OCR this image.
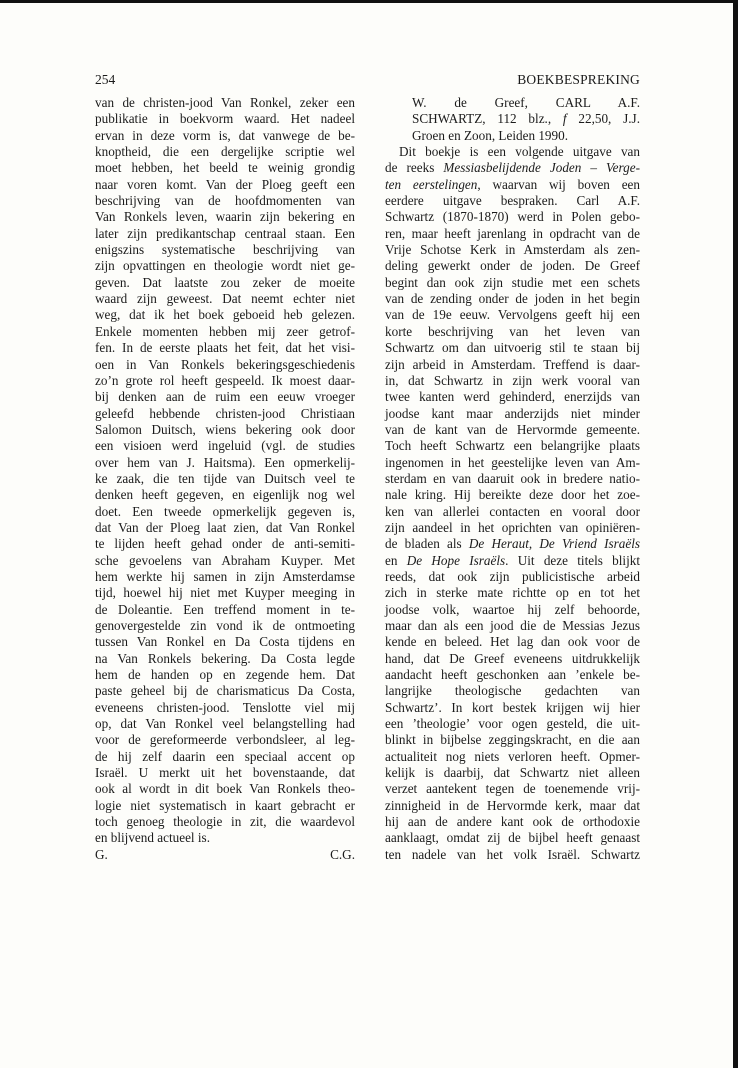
254	BOEKBESPREKING
van de christen-jood Van Ronkel, zeker een
publikatie in boekvorm waard. Het nadeel
ervan in deze vorm is, dat vanwege de be-
knoptheid, die een dergelijke scriptie wel
moet hebben, het beeld te weinig grondig
naar voren komt. Van der Ploeg geeft een
beschrijving van de hoofdmomenten van
Van Ronkels leven, waarin zijn bekering en
later zijn predikantschap centraal staan. Een
enigszins systematische beschrijving van
zijn opvattingen en theologie wordt niet ge-
geven. Dat laatste zou zeker de moeite
waard zijn geweest. Dat neemt echter niet
weg, dat ik het boek geboeid heb gelezen.
Enkele momenten hebben mij zeer getrof-
fen. In de eerste plaats het feit, dat het visi-
oen in Van Ronkels bekeringsgeschiedenis
zo’n grote rol heeft gespeeld. Ik moest daar-
bij denken aan de ruim een eeuw vroeger
geleefd hebbende christen-jood Christiaan
Salomon Duitsch, wiens bekering ook door
een visioen werd ingeluid (vgl. de studies
over hem van J. Haitsma). Een opmerkelij-
ke zaak, die ten tijde van Duitsch veel te
denken heeft gegeven, en eigenlijk nog wel
doet. Een tweede opmerkelijk gegeven is,
dat Van der Ploeg laat zien, dat Van Ronkel
te lijden heeft gehad onder de anti-semiti-
sche gevoelens van Abraham Kuyper. Met
hem werkte hij samen in zijn Amsterdamse
tijd, hoewel hij niet met Kuyper meeging in
de Doleantie. Een treffend moment in te-
genovergestelde zin vond ik de ontmoeting
tussen Van Ronkel en Da Costa tijdens en
na Van Ronkels bekering. Da Costa legde
hem de handen op en zegende hem. Dat
paste geheel bij de charismaticus Da Costa,
eveneens christen-jood. Tenslotte viel mij
op, dat Van Ronkel veel belangstelling had
voor de gereformeerde verbondsleer, al leg-
de hij zelf daarin een speciaal accent op
Israël. U merkt uit het bovenstaande, dat
ook al wordt in dit boek Van Ronkels theo-
logie niet systematisch in kaart gebracht er
toch genoeg theologie in zit, die waardevol
en blijvend actueel is.
G.	C.G.
W. de Greef, CARL A.F.
SCHWARTZ, 112 blz., f 22,50, J.J.
Groen en Zoon, Leiden 1990.
Dit boekje is een volgende uitgave van
de reeks Messiasbelijdende Joden – Verge-
ten eerstelingen, waarvan wij boven een
eerdere uitgave bespraken. Carl A.F.
Schwartz (1870-1870) werd in Polen gebo-
ren, maar heeft jarenlang in opdracht van de
Vrije Schotse Kerk in Amsterdam als zen-
deling gewerkt onder de joden. De Greef
begint dan ook zijn studie met een schets
van de zending onder de joden in het begin
van de 19e eeuw. Vervolgens geeft hij een
korte beschrijving van het leven van
Schwartz om dan uitvoerig stil te staan bij
zijn arbeid in Amsterdam. Treffend is daar-
in, dat Schwartz in zijn werk vooral van
twee kanten werd gehinderd, enerzijds van
joodse kant maar anderzijds niet minder
van de kant van de Hervormde gemeente.
Toch heeft Schwartz een belangrijke plaats
ingenomen in het geestelijke leven van Am-
sterdam en van daaruit ook in bredere natio-
nale kring. Hij bereikte deze door het zoe-
ken van allerlei contacten en vooral door
zijn aandeel in het oprichten van opiniëren-
de bladen als De Heraut, De Vriend Israëls
en De Hope Israëls. Uit deze titels blijkt
reeds, dat ook zijn publicistische arbeid
zich in sterke mate richtte op en tot het
joodse volk, waartoe hij zelf behoorde,
maar dan als een jood die de Messias Jezus
kende en beleed. Het lag dan ook voor de
hand, dat De Greef eveneens uitdrukkelijk
aandacht heeft geschonken aan ’enkele be-
langrijke theologische gedachten van
Schwartz’. In kort bestek krijgen wij hier
een ’theologie’ voor ogen gesteld, die uit-
blinkt in bijbelse zeggingskracht, en die aan
actualiteit nog niets verloren heeft. Opmer-
kelijk is daarbij, dat Schwartz niet alleen
verzet aantekent tegen de toenemende vrij-
zinnigheid in de Hervormde kerk, maar dat
hij aan de andere kant ook de orthodoxie
aanklaagt, omdat zij de bijbel heeft genaast
ten nadele van het volk Israël. Schwartz
